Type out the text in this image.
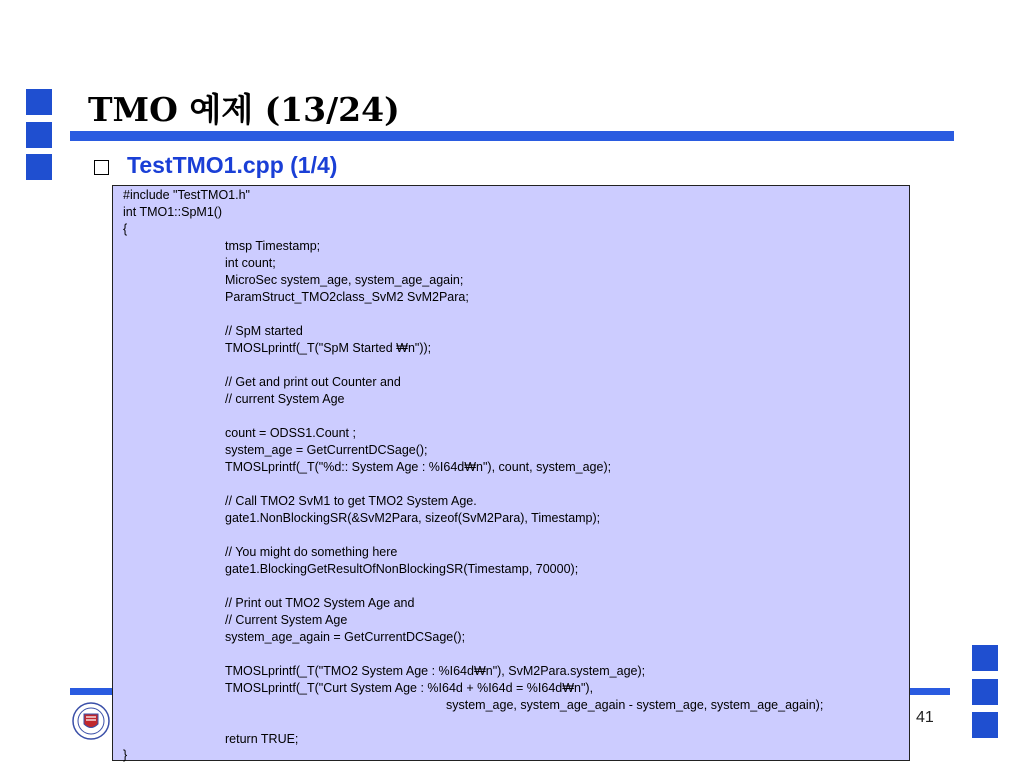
TMO 예제 (13/24)
TestTMO1.cpp (1/4)
41
#include "TestTMO1.h"
int TMO1::SpM1()
{
tmsp Timestamp;
int count;
MicroSec system_age, system_age_again;
ParamStruct_TMO2class_SvM2 SvM2Para;
// SpM started
TMOSLprintf(_T("SpM Started ₩n"));
// Get and print out Counter and
// current System Age
count = ODSS1.Count ;
system_age = GetCurrentDCSage();
TMOSLprintf(_T("%d:: System Age : %I64d₩n"), count, system_age);
// Call TMO2 SvM1 to get TMO2 System Age.
gate1.NonBlockingSR(&SvM2Para, sizeof(SvM2Para), Timestamp);
// You might do something here
gate1.BlockingGetResultOfNonBlockingSR(Timestamp, 70000);
// Print out TMO2 System Age and
// Current System Age
system_age_again = GetCurrentDCSage();
TMOSLprintf(_T("TMO2 System Age : %I64d₩n"), SvM2Para.system_age);
TMOSLprintf(_T("Curt System Age : %I64d + %I64d = %I64d₩n"),
system_age, system_age_again - system_age, system_age_again);
return TRUE;
}
